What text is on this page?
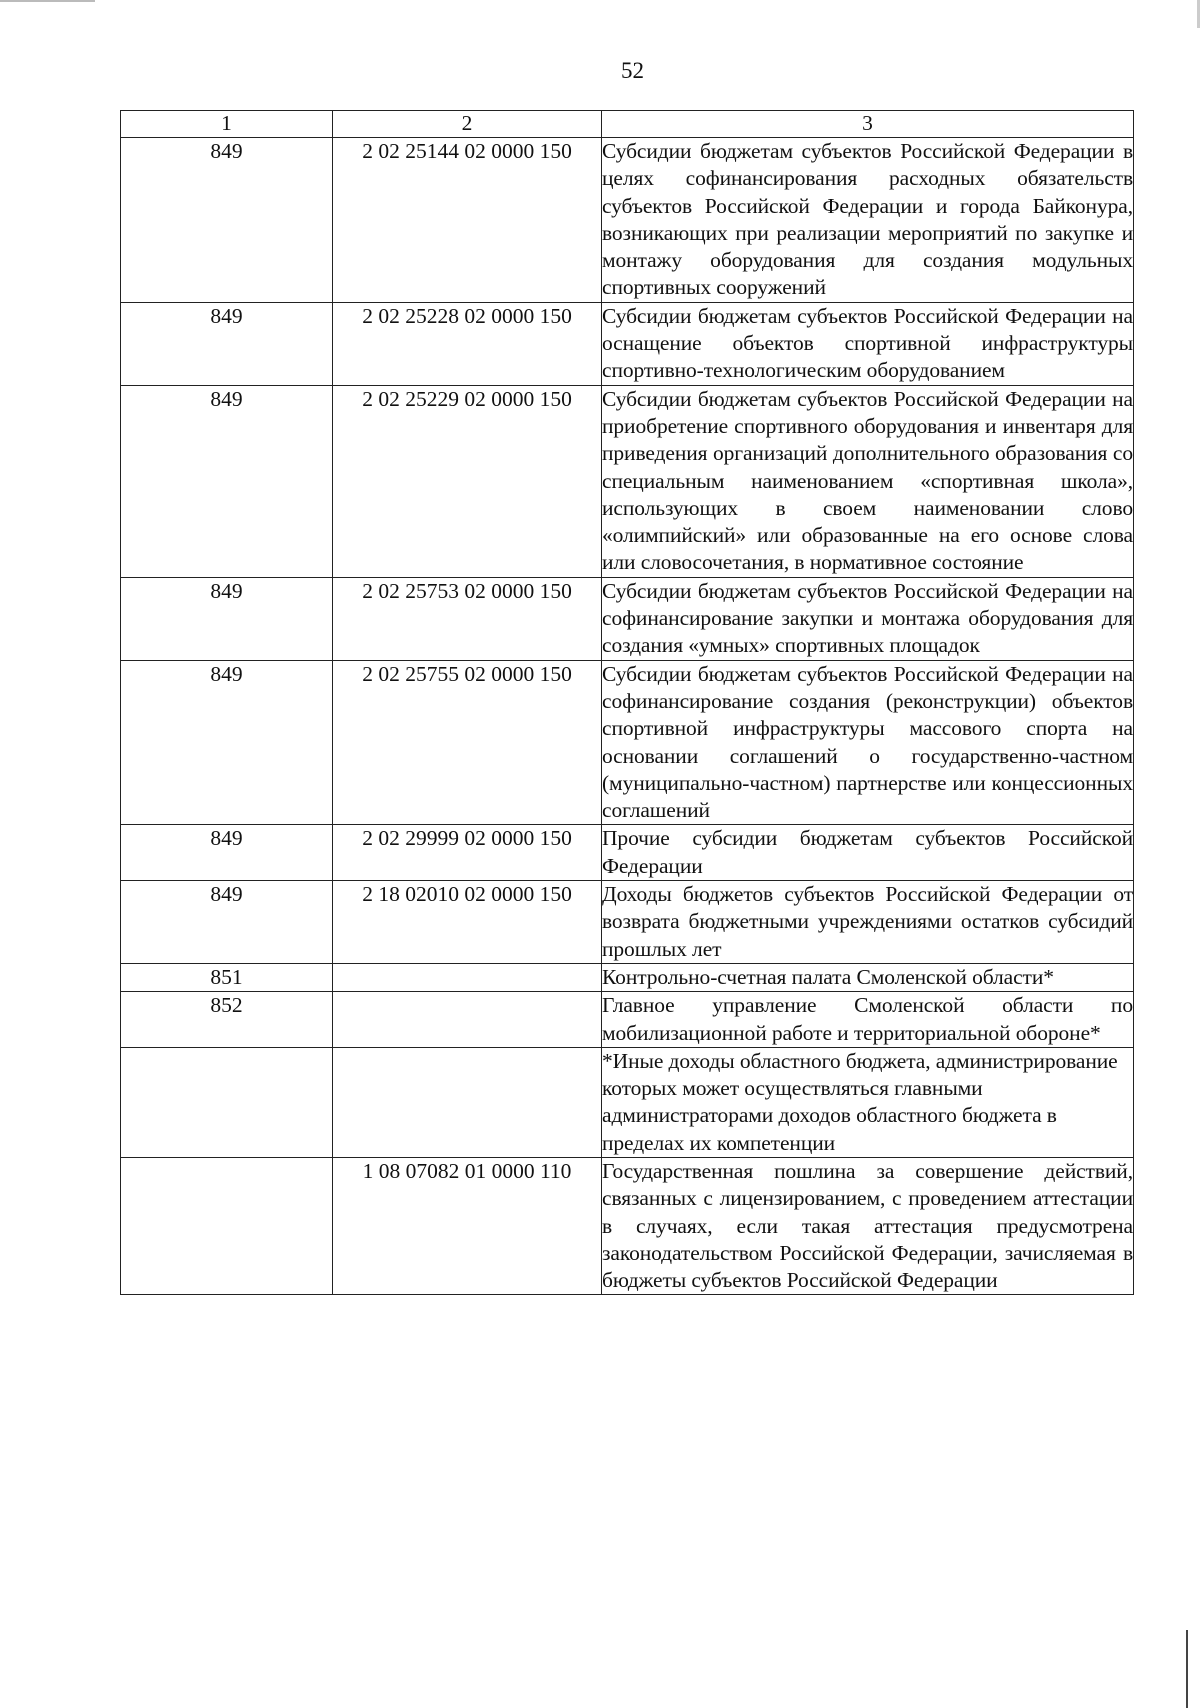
52
1	2	3
849	2 02 25144 02 0000 150	Субсидии бюджетам субъектов Российской Федерации в целях софинансирования расходных обязательств субъектов Российской Федерации и города Байконура, возникающих при реализации мероприятий по закупке и монтажу оборудования для создания модульных спортивных сооружений
849	2 02 25228 02 0000 150	Субсидии бюджетам субъектов Российской Федерации на оснащение объектов спортивной инфраструктуры спортивно-технологическим оборудованием
849	2 02 25229 02 0000 150	Субсидии бюджетам субъектов Российской Федерации на приобретение спортивного оборудования и инвентаря для приведения организаций дополнительного образования со специальным наименованием «спортивная школа», использующих в своем наименовании слово «олимпийский» или образованные на его основе слова или словосочетания, в нормативное состояние
849	2 02 25753 02 0000 150	Субсидии бюджетам субъектов Российской Федерации на софинансирование закупки и монтажа оборудования для создания «умных» спортивных площадок
849	2 02 25755 02 0000 150	Субсидии бюджетам субъектов Российской Федерации на софинансирование создания (реконструкции) объектов спортивной инфраструктуры массового спорта на основании соглашений о государственно-частном (муниципально-частном) партнерстве или концессионных соглашений
849	2 02 29999 02 0000 150	Прочие субсидии бюджетам субъектов Российской Федерации
849	2 18 02010 02 0000 150	Доходы бюджетов субъектов Российской Федерации от возврата бюджетными учреждениями остатков субсидий прошлых лет
851		Контрольно-счетная палата Смоленской области*
852		Главное управление Смоленской области по мобилизационной работе и территориальной обороне*
		*Иные доходы областного бюджета, администрирование которых может осуществляться главными администраторами доходов областного бюджета в пределах их компетенции
	1 08 07082 01 0000 110	Государственная пошлина за совершение действий, связанных с лицензированием, с проведением аттестации в случаях, если такая аттестация предусмотрена законодательством Российской Федерации, зачисляемая в бюджеты субъектов Российской Федерации
